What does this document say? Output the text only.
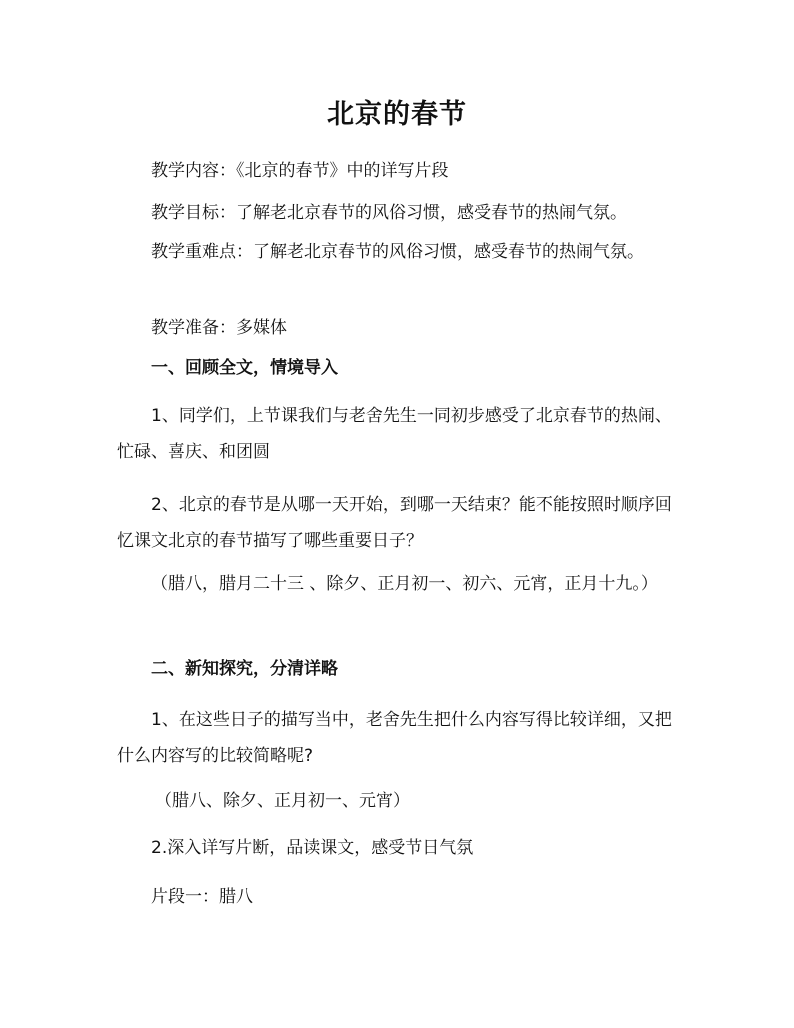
北京的春节

教学内容：《北京的春节》中的详写片段

教学目标：了解老北京春节的风俗习惯，感受春节的热闹气氛。

教学重难点：了解老北京春节的风俗习惯，感受春节的热闹气氛。

教学准备：多媒体

一、回顾全文，情境导入

1、同学们，上节课我们与老舍先生一同初步感受了北京春节的热闹、忙碌、喜庆、和团圆

2、北京的春节是从哪一天开始，到哪一天结束？能不能按照时顺序回忆课文北京的春节描写了哪些重要日子？

（腊八，腊月二十三 、除夕、正月初一、初六、元宵，正月十九。）

二、新知探究，分清详略

1、在这些日子的描写当中，老舍先生把什么内容写得比较详细，又把什么内容写的比较简略呢?

（腊八、除夕、正月初一、元宵）

2.深入详写片断，品读课文，感受节日气氛

片段一：腊八
